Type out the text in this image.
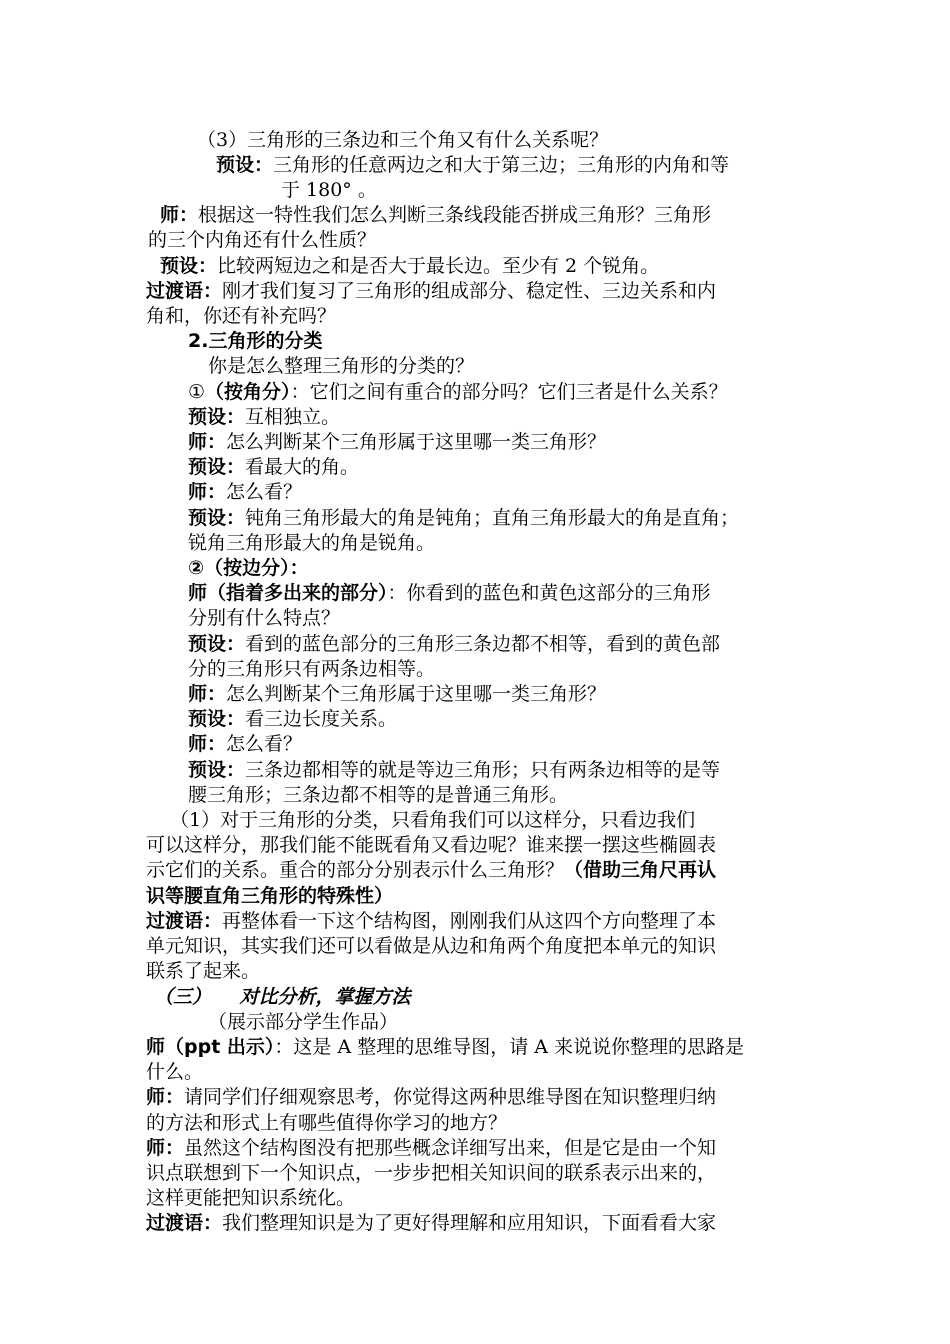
（3）三角形的三条边和三个角又有什么关系呢？
预设：三角形的任意两边之和大于第三边；三角形的内角和等
于 180° 。
师：根据这一特性我们怎么判断三条线段能否拼成三角形？三角形
的三个内角还有什么性质？
预设：比较两短边之和是否大于最长边。至少有 2 个锐角。
过渡语：刚才我们复习了三角形的组成部分、稳定性、三边关系和内
角和，你还有补充吗？
2.三角形的分类
你是怎么整理三角形的分类的？
①（按角分）：它们之间有重合的部分吗？它们三者是什么关系？
预设：互相独立。
师：怎么判断某个三角形属于这里哪一类三角形？
预设：看最大的角。
师：怎么看？
预设：钝角三角形最大的角是钝角；直角三角形最大的角是直角；
锐角三角形最大的角是锐角。
②（按边分）：
师（指着多出来的部分）：你看到的蓝色和黄色这部分的三角形
分别有什么特点？
预设：看到的蓝色部分的三角形三条边都不相等，看到的黄色部
分的三角形只有两条边相等。
师：怎么判断某个三角形属于这里哪一类三角形？
预设：看三边长度关系。
师：怎么看？
预设：三条边都相等的就是等边三角形；只有两条边相等的是等
腰三角形；三条边都不相等的是普通三角形。
（1）对于三角形的分类，只看角我们可以这样分，只看边我们
可以这样分，那我们能不能既看角又看边呢？谁来摆一摆这些椭圆表
示它们的关系。重合的部分分别表示什么三角形？（借助三角尺再认
识等腰直角三角形的特殊性）
过渡语：再整体看一下这个结构图，刚刚我们从这四个方向整理了本
单元知识，其实我们还可以看做是从边和角两个角度把本单元的知识
联系了起来。
（三）　　对比分析，掌握方法
（展示部分学生作品）
师（ppt 出示）：这是 A 整理的思维导图，请 A 来说说你整理的思路是
什么。
师：请同学们仔细观察思考，你觉得这两种思维导图在知识整理归纳
的方法和形式上有哪些值得你学习的地方？
师：虽然这个结构图没有把那些概念详细写出来，但是它是由一个知
识点联想到下一个知识点，一步步把相关知识间的联系表示出来的，
这样更能把知识系统化。
过渡语：我们整理知识是为了更好得理解和应用知识，下面看看大家
